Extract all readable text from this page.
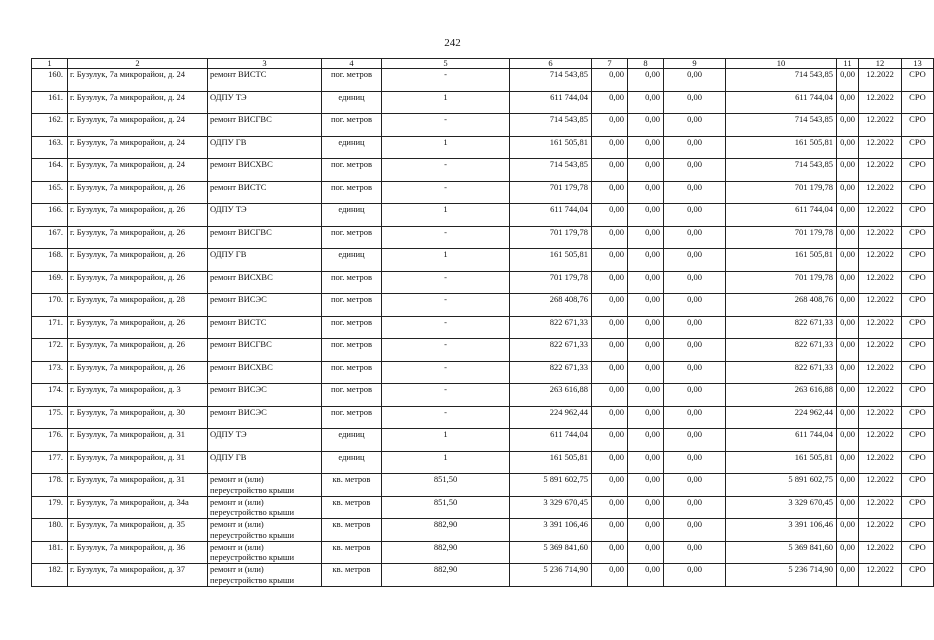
242
1	2	3	4	5	6	7	8	9	10	11	12	13
160.	г. Бузулук, 7а микрорайон, д. 24	ремонт ВИСТС	пог. метров	-	714 543,85	0,00	0,00	0,00	714 543,85	0,00	12.2022	СРО
161.	г. Бузулук, 7а микрорайон, д. 24	ОДПУ ТЭ	единиц	1	611 744,04	0,00	0,00	0,00	611 744,04	0,00	12.2022	СРО
162.	г. Бузулук, 7а микрорайон, д. 24	ремонт ВИСГВС	пог. метров	-	714 543,85	0,00	0,00	0,00	714 543,85	0,00	12.2022	СРО
163.	г. Бузулук, 7а микрорайон, д. 24	ОДПУ ГВ	единиц	1	161 505,81	0,00	0,00	0,00	161 505,81	0,00	12.2022	СРО
164.	г. Бузулук, 7а микрорайон, д. 24	ремонт ВИСХВС	пог. метров	-	714 543,85	0,00	0,00	0,00	714 543,85	0,00	12.2022	СРО
165.	г. Бузулук, 7а микрорайон, д. 26	ремонт ВИСТС	пог. метров	-	701 179,78	0,00	0,00	0,00	701 179,78	0,00	12.2022	СРО
166.	г. Бузулук, 7а микрорайон, д. 26	ОДПУ ТЭ	единиц	1	611 744,04	0,00	0,00	0,00	611 744,04	0,00	12.2022	СРО
167.	г. Бузулук, 7а микрорайон, д. 26	ремонт ВИСГВС	пог. метров	-	701 179,78	0,00	0,00	0,00	701 179,78	0,00	12.2022	СРО
168.	г. Бузулук, 7а микрорайон, д. 26	ОДПУ ГВ	единиц	1	161 505,81	0,00	0,00	0,00	161 505,81	0,00	12.2022	СРО
169.	г. Бузулук, 7а микрорайон, д. 26	ремонт ВИСХВС	пог. метров	-	701 179,78	0,00	0,00	0,00	701 179,78	0,00	12.2022	СРО
170.	г. Бузулук, 7а микрорайон, д. 28	ремонт ВИСЭС	пог. метров	-	268 408,76	0,00	0,00	0,00	268 408,76	0,00	12.2022	СРО
171.	г. Бузулук, 7а микрорайон, д. 26	ремонт ВИСТС	пог. метров	-	822 671,33	0,00	0,00	0,00	822 671,33	0,00	12.2022	СРО
172.	г. Бузулук, 7а микрорайон, д. 26	ремонт ВИСГВС	пог. метров	-	822 671,33	0,00	0,00	0,00	822 671,33	0,00	12.2022	СРО
173.	г. Бузулук, 7а микрорайон, д. 26	ремонт ВИСХВС	пог. метров	-	822 671,33	0,00	0,00	0,00	822 671,33	0,00	12.2022	СРО
174.	г. Бузулук, 7а микрорайон, д. 3	ремонт ВИСЭС	пог. метров	-	263 616,88	0,00	0,00	0,00	263 616,88	0,00	12.2022	СРО
175.	г. Бузулук, 7а микрорайон, д. 30	ремонт ВИСЭС	пог. метров	-	224 962,44	0,00	0,00	0,00	224 962,44	0,00	12.2022	СРО
176.	г. Бузулук, 7а микрорайон, д. 31	ОДПУ ТЭ	единиц	1	611 744,04	0,00	0,00	0,00	611 744,04	0,00	12.2022	СРО
177.	г. Бузулук, 7а микрорайон, д. 31	ОДПУ ГВ	единиц	1	161 505,81	0,00	0,00	0,00	161 505,81	0,00	12.2022	СРО
178.	г. Бузулук, 7а микрорайон, д. 31	ремонт и (или) переустройство крыши	кв. метров	851,50	5 891 602,75	0,00	0,00	0,00	5 891 602,75	0,00	12.2022	СРО
179.	г. Бузулук, 7а микрорайон, д. 34а	ремонт и (или) переустройство крыши	кв. метров	851,50	3 329 670,45	0,00	0,00	0,00	3 329 670,45	0,00	12.2022	СРО
180.	г. Бузулук, 7а микрорайон, д. 35	ремонт и (или) переустройство крыши	кв. метров	882,90	3 391 106,46	0,00	0,00	0,00	3 391 106,46	0,00	12.2022	СРО
181.	г. Бузулук, 7а микрорайон, д. 36	ремонт и (или) переустройство крыши	кв. метров	882,90	5 369 841,60	0,00	0,00	0,00	5 369 841,60	0,00	12.2022	СРО
182.	г. Бузулук, 7а микрорайон, д. 37	ремонт и (или) переустройство крыши	кв. метров	882,90	5 236 714,90	0,00	0,00	0,00	5 236 714,90	0,00	12.2022	СРО
